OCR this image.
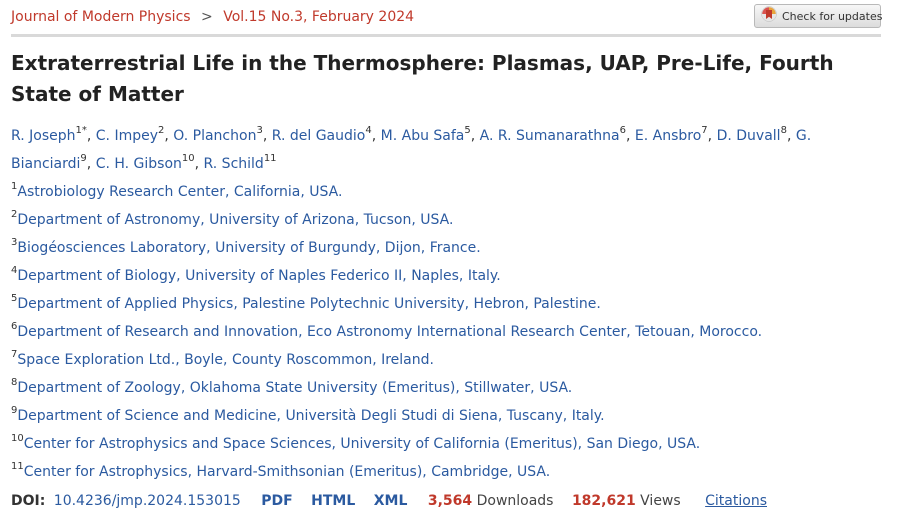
Journal of Modern Physics > Vol.15 No.3, February 2024	Check for updates
Extraterrestrial Life in the Thermosphere: Plasmas, UAP, Pre-Life, Fourth State of Matter
R. Joseph$^{1*}$, C. Impey$^2$, O. Planchon$^3$, R. del Gaudio$^4$, M. Abu Safa$^5$, A. R. Sumanarathna$^6$, E. Ansbro$^7$, D. Duvall$^8$, G. Bianciardi$^9$, C. H. Gibson$^{10}$, R. Schild$^{11}$
$^1$Astrobiology Research Center, California, USA.
$^2$Department of Astronomy, University of Arizona, Tucson, USA.
$^3$Biogéosciences Laboratory, University of Burgundy, Dijon, France.
$^4$Department of Biology, University of Naples Federico II, Naples, Italy.
$^5$Department of Applied Physics, Palestine Polytechnic University, Hebron, Palestine.
$^6$Department of Research and Innovation, Eco Astronomy International Research Center, Tetouan, Morocco.
$^7$Space Exploration Ltd., Boyle, County Roscommon, Ireland.
$^8$Department of Zoology, Oklahoma State University (Emeritus), Stillwater, USA.
$^9$Department of Science and Medicine, Università Degli Studi di Siena, Tuscany, Italy.
$^{10}$Center for Astrophysics and Space Sciences, University of California (Emeritus), San Diego, USA.
$^{11}$Center for Astrophysics, Harvard-Smithsonian (Emeritus), Cambridge, USA.
DOI: 10.4236/jmp.2024.153015 PDF HTML XML 3,564 Downloads 182,621 Views Citations
